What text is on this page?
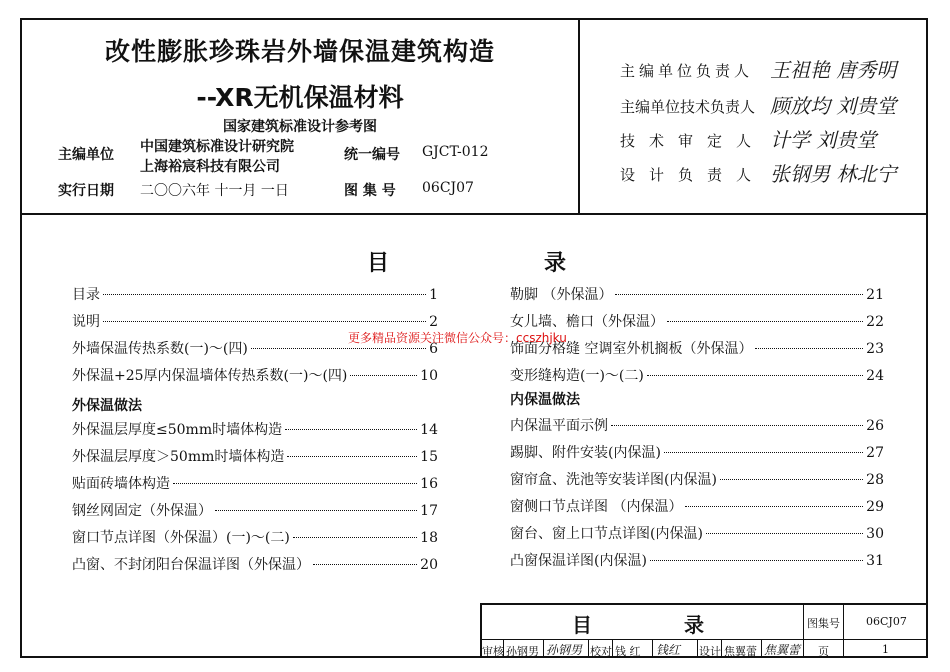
改性膨胀珍珠岩外墙保温建筑构造
--XR无机保温材料
国家建筑标准设计参考图
主编单位 中国建筑标准设计研究院
上海裕宸科技有限公司
统一编号 GJCT-012
实行日期 二〇〇六年 十一月 一日	图 集 号 06CJ07
主编单位负责人 王祖艳 唐秀明
主编单位技术负责人 顾放均 刘贵堂
技术审定人 计学 刘贵堂
设计负责人 张钢男 林北宁
目	录
目录	1
说明	2
外墙保温传热系数(一)～(四)	6
外保温+25厚内保温墙体传热系数(一)～(四)	10
外保温做法
外保温层厚度≤50mm时墙体构造	14
外保温层厚度＞50mm时墙体构造	15
贴面砖墙体构造	16
钢丝网固定（外保温）	17
窗口节点详图（外保温）(一)～(二)	18
凸窗、不封闭阳台保温详图（外保温）	20
勒脚 （外保温）	21
女儿墙、檐口（外保温）	22
饰面分格缝 空调室外机搁板（外保温）	23
变形缝构造(一)～(二)	24
内保温做法
内保温平面示例	26
踢脚、附件安装(内保温)	27
窗帘盒、洗池等安装详图(内保温)	28
窗侧口节点详图 （内保温）	29
窗台、窗上口节点详图(内保温)	30
凸窗保温详图(内保温)	31
更多精品资源关注微信公众号：ccszhjku
目	录	图集号 06CJ07
页	1
审核 孙钢男 孙钢男 校对 钱 红 钱红 设计 焦翼蕾 焦翼蕾
